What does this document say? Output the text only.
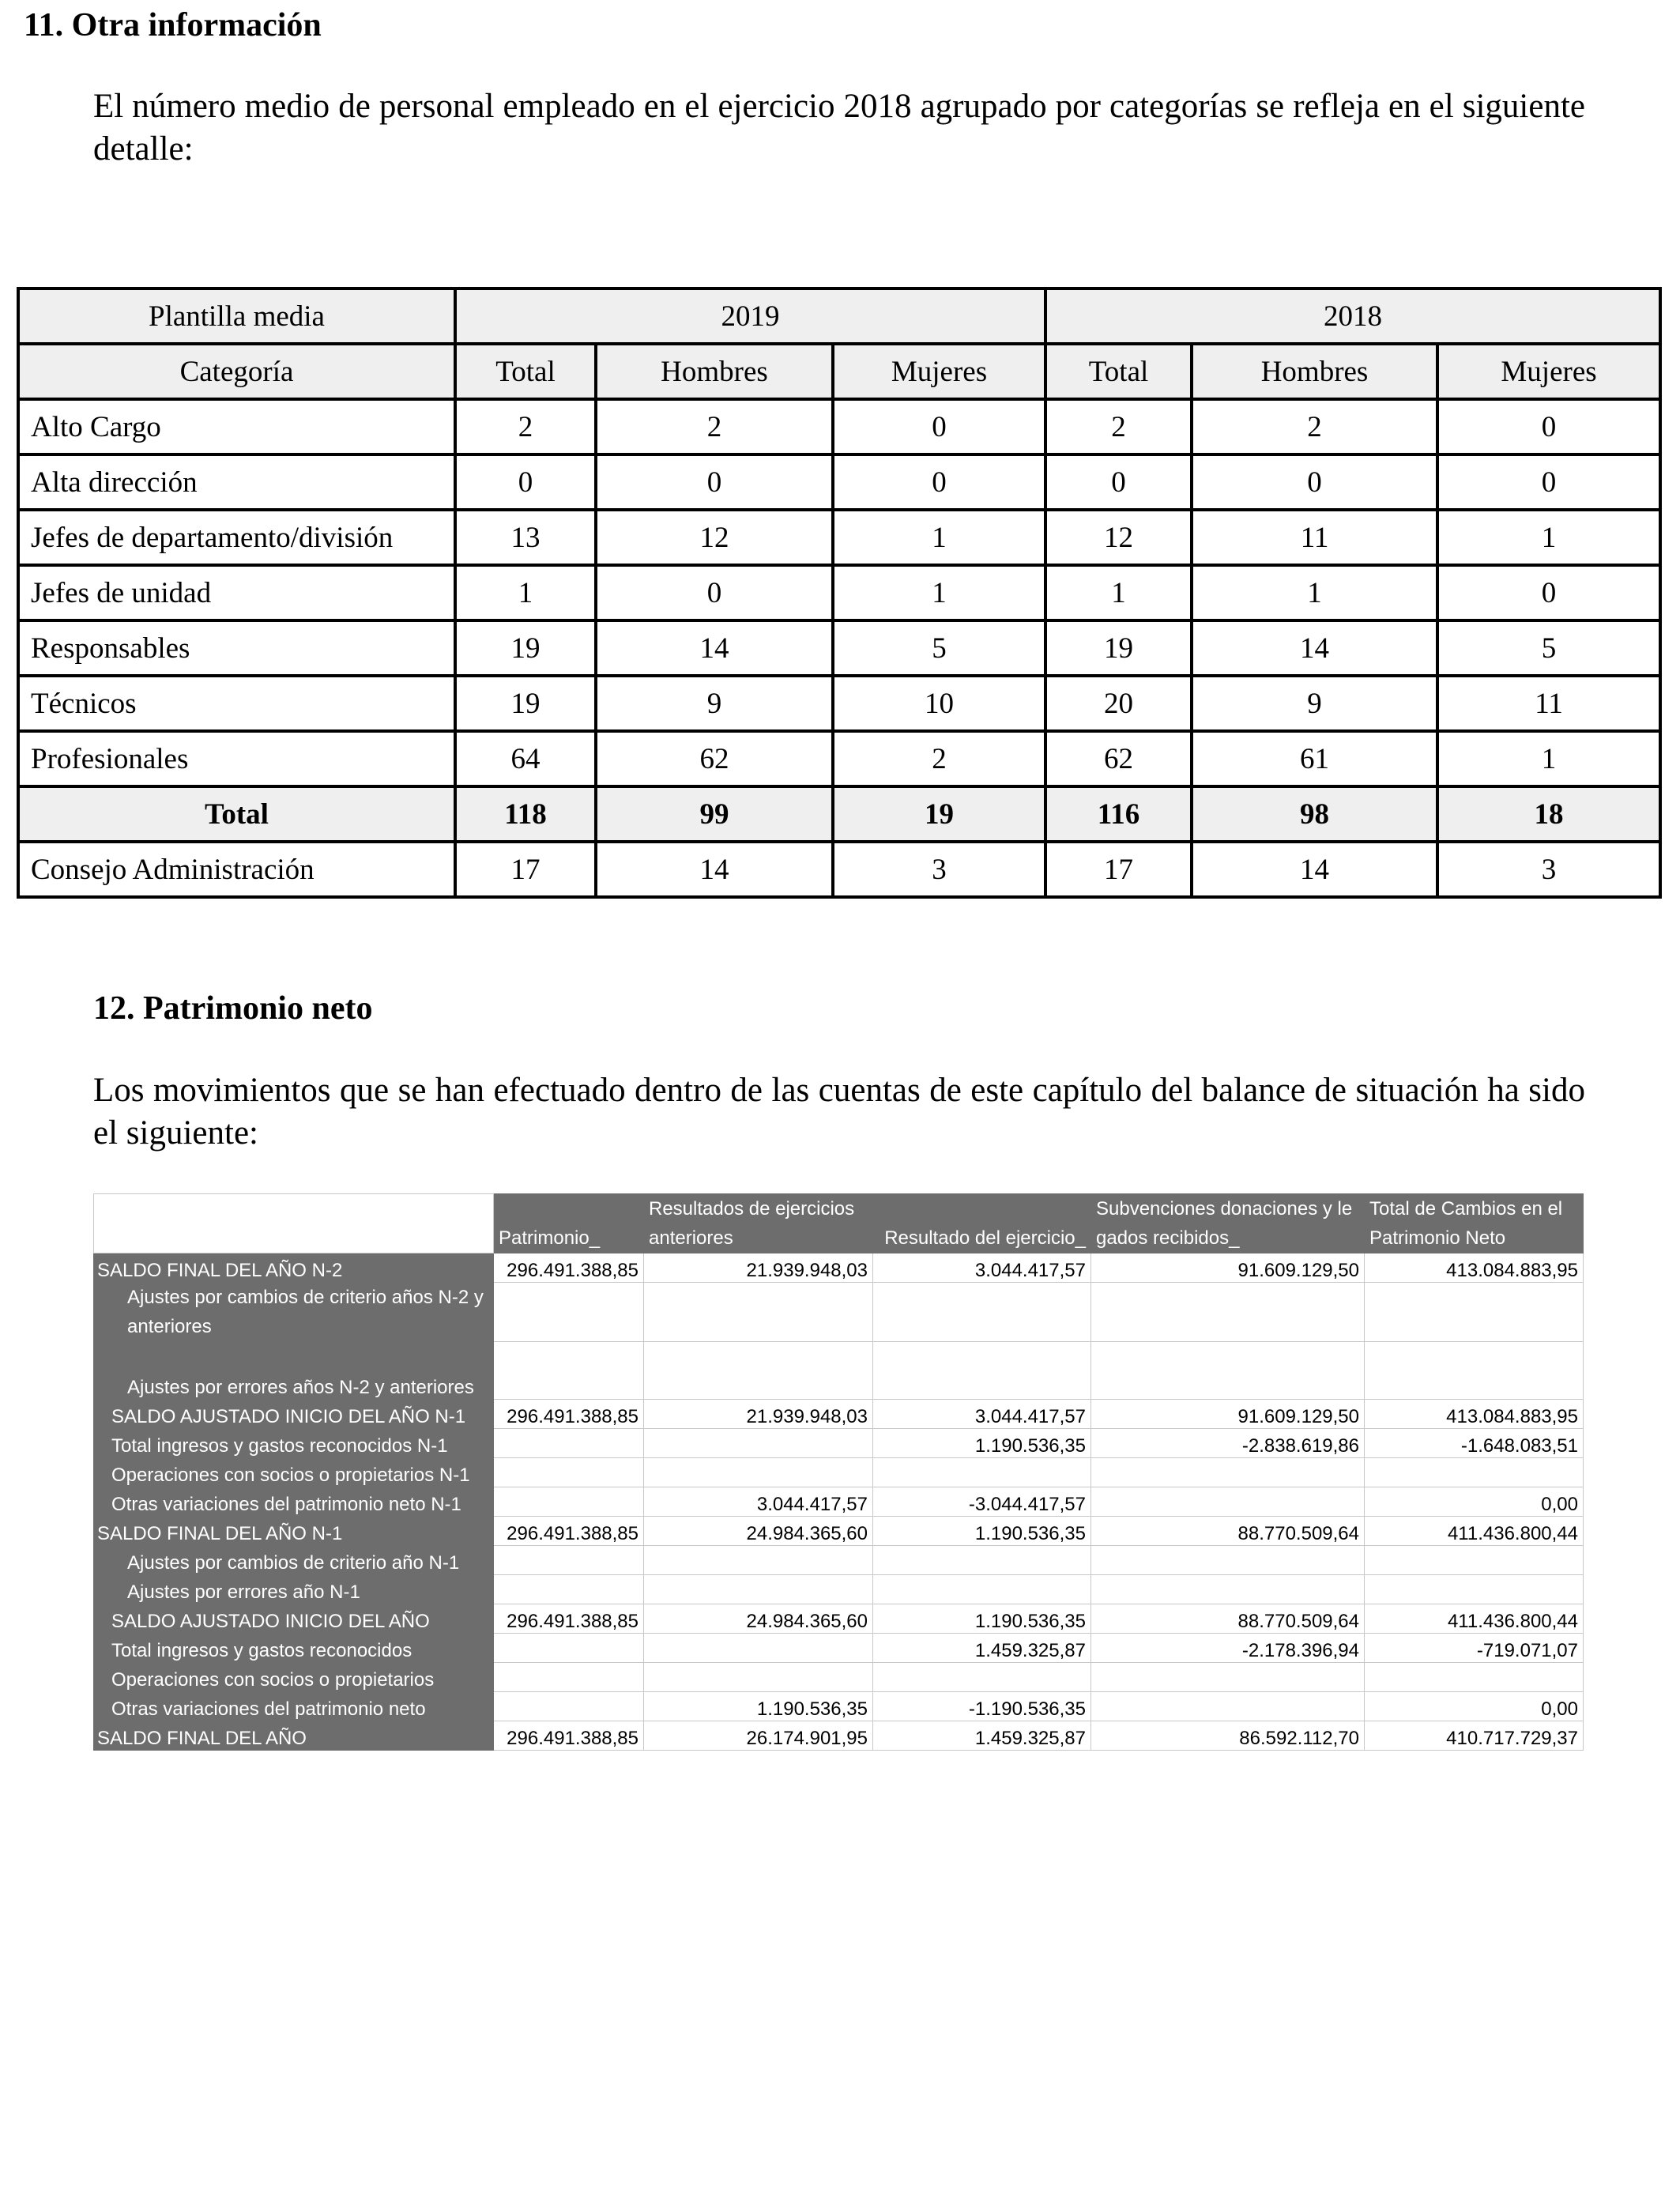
11. Otra información
El número medio de personal empleado en el ejercicio 2018 agrupado por categorías se refleja en el siguiente detalle:
Plantilla media	2019			2018		
Categoría	Total	Hombres	Mujeres	Total	Hombres	Mujeres
Alto Cargo	2	2	0	2	2	0
Alta dirección	0	0	0	0	0	0
Jefes de departamento/división	13	12	1	12	11	1
Jefes de unidad	1	0	1	1	1	0
Responsables	19	14	5	19	14	5
Técnicos	19	9	10	20	9	11
Profesionales	64	62	2	62	61	1
Total	118	99	19	116	98	18
Consejo Administración	17	14	3	17	14	3
12. Patrimonio neto
Los movimientos que se han efectuado dentro de las cuentas de este capítulo del balance de situación ha sido el siguiente:
	Patrimonio_	Resultados de ejercicios anteriores	Resultado del ejercicio_	Subvenciones donaciones y le gados recibidos_	Total de Cambios en el Patrimonio Neto
SALDO FINAL DEL AÑO N-2	296.491.388,85	21.939.948,03	3.044.417,57	91.609.129,50	413.084.883,95
Ajustes por cambios de criterio años N-2 y anteriores					
Ajustes por errores años N-2 y anteriores					
SALDO AJUSTADO INICIO DEL AÑO N-1	296.491.388,85	21.939.948,03	3.044.417,57	91.609.129,50	413.084.883,95
Total ingresos y gastos reconocidos N-1			1.190.536,35	-2.838.619,86	-1.648.083,51
Operaciones con socios o propietarios N-1					
Otras variaciones del patrimonio neto N-1		3.044.417,57	-3.044.417,57		0,00
SALDO FINAL DEL AÑO N-1	296.491.388,85	24.984.365,60	1.190.536,35	88.770.509,64	411.436.800,44
Ajustes por cambios de criterio año N-1					
Ajustes por errores año N-1					
SALDO AJUSTADO INICIO DEL AÑO	296.491.388,85	24.984.365,60	1.190.536,35	88.770.509,64	411.436.800,44
Total ingresos y gastos reconocidos			1.459.325,87	-2.178.396,94	-719.071,07
Operaciones con socios o propietarios					
Otras variaciones del patrimonio neto		1.190.536,35	-1.190.536,35		0,00
SALDO FINAL DEL AÑO	296.491.388,85	26.174.901,95	1.459.325,87	86.592.112,70	410.717.729,37
